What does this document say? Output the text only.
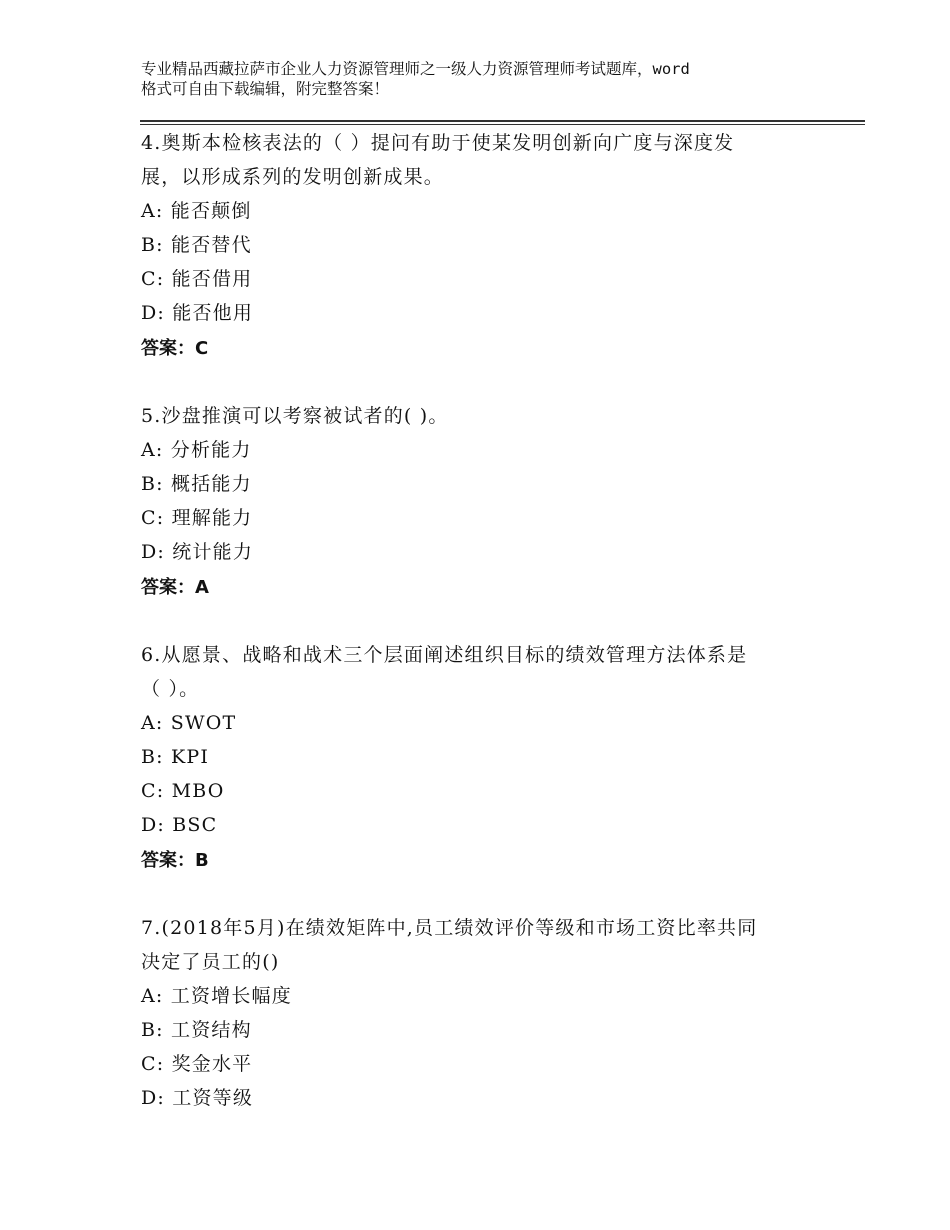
专业精品西藏拉萨市企业人力资源管理师之一级人力资源管理师考试题库，word
格式可自由下载编辑，附完整答案！
4.奥斯本检核表法的（ ）提问有助于使某发明创新向广度与深度发
展，以形成系列的发明创新成果。
A: 能否颠倒
B: 能否替代
C: 能否借用
D: 能否他用
答案：C
5.沙盘推演可以考察被试者的( )。
A: 分析能力
B: 概括能力
C: 理解能力
D: 统计能力
答案：A
6.从愿景、战略和战术三个层面阐述组织目标的绩效管理方法体系是
（ ）。
A: SWOT
B: KPI
C: MBO
D: BSC
答案：B
7.(2018年5月)在绩效矩阵中,员工绩效评价等级和市场工资比率共同
决定了员工的()
A: 工资增长幅度
B: 工资结构
C: 奖金水平
D: 工资等级
